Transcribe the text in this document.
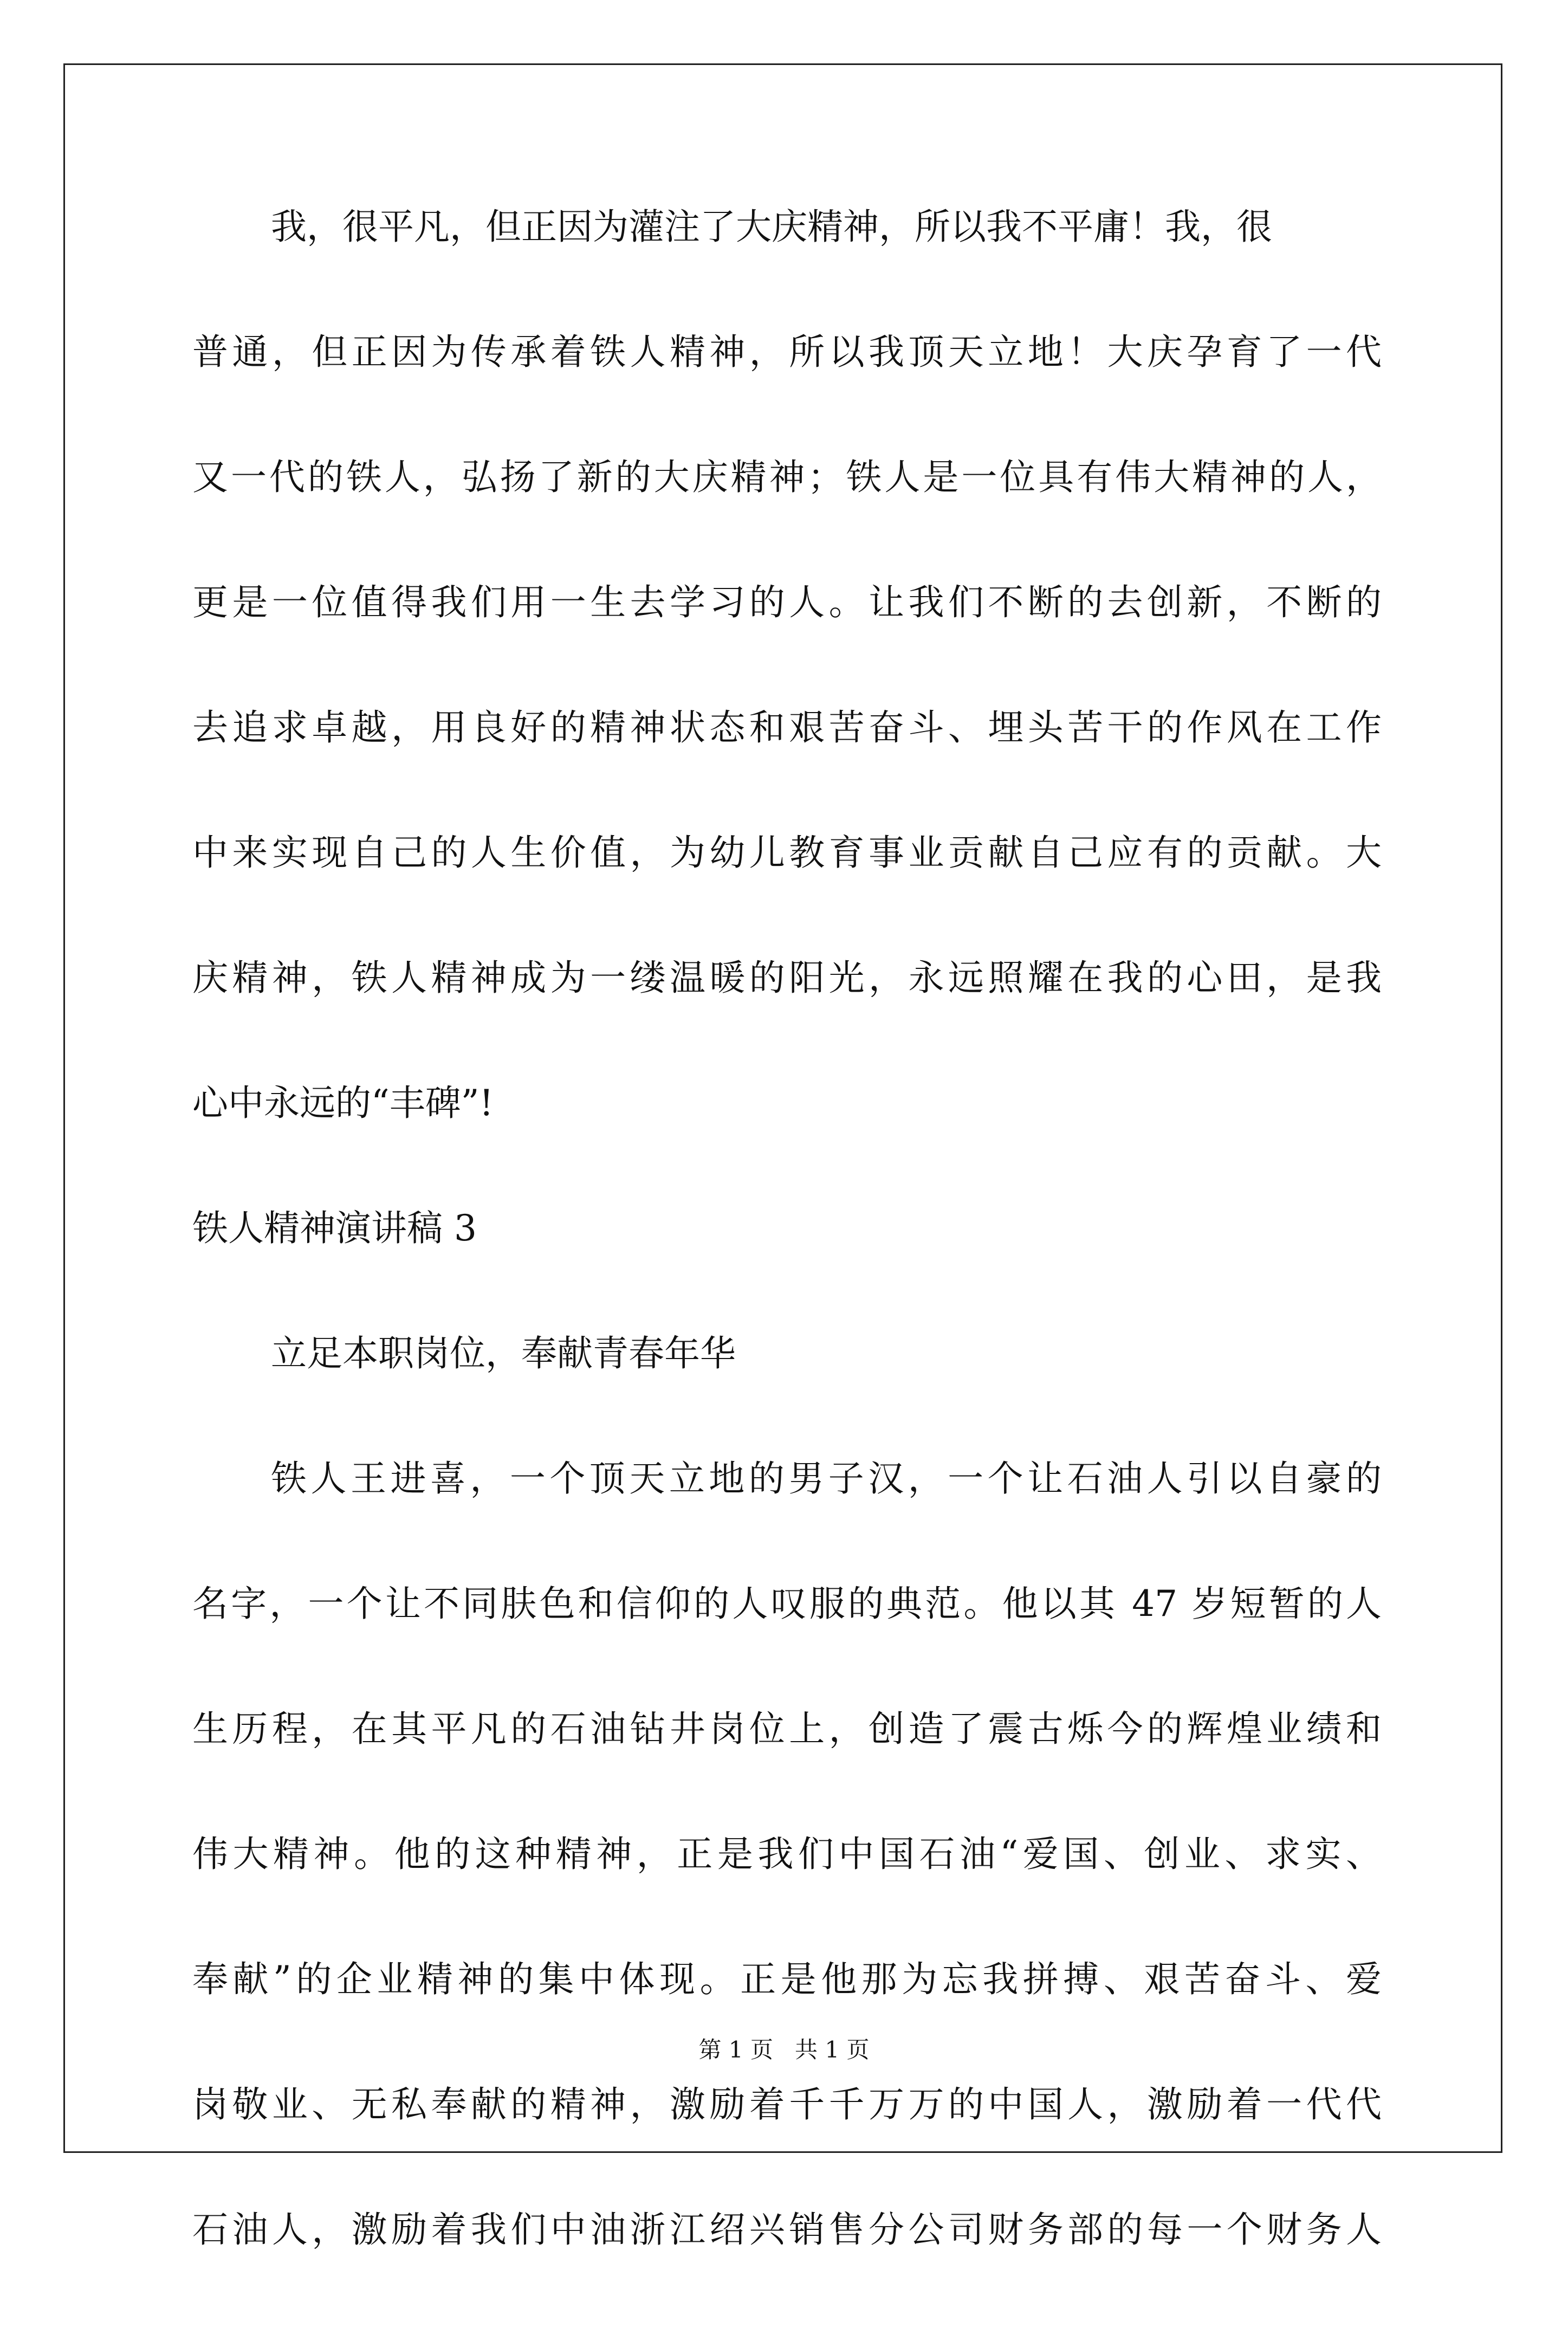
我，很平凡，但正因为灌注了大庆精神，所以我不平庸！我，很
普通，但正因为传承着铁人精神，所以我顶天立地！大庆孕育了一代
又一代的铁人，弘扬了新的大庆精神；铁人是一位具有伟大精神的人，
更是一位值得我们用一生去学习的人。让我们不断的去创新，不断的
去追求卓越，用良好的精神状态和艰苦奋斗、埋头苦干的作风在工作
中来实现自己的人生价值，为幼儿教育事业贡献自己应有的贡献。大
庆精神，铁人精神成为一缕温暖的阳光，永远照耀在我的心田，是我
心中永远的“丰碑”!
铁人精神演讲稿 3
立足本职岗位，奉献青春年华
铁人王进喜，一个顶天立地的男子汉，一个让石油人引以自豪的
名字，一个让不同肤色和信仰的人叹服的典范。他以其 47 岁短暂的人
生历程，在其平凡的石油钻井岗位上，创造了震古烁今的辉煌业绩和
伟大精神。他的这种精神，正是我们中国石油“爱国、创业、求实、
奉献”的企业精神的集中体现。正是他那为忘我拼搏、艰苦奋斗、爱
岗敬业、无私奉献的精神，激励着千千万万的中国人，激励着一代代
石油人，激励着我们中油浙江绍兴销售分公司财务部的每一个财务人
第 1 页   共 1 页
